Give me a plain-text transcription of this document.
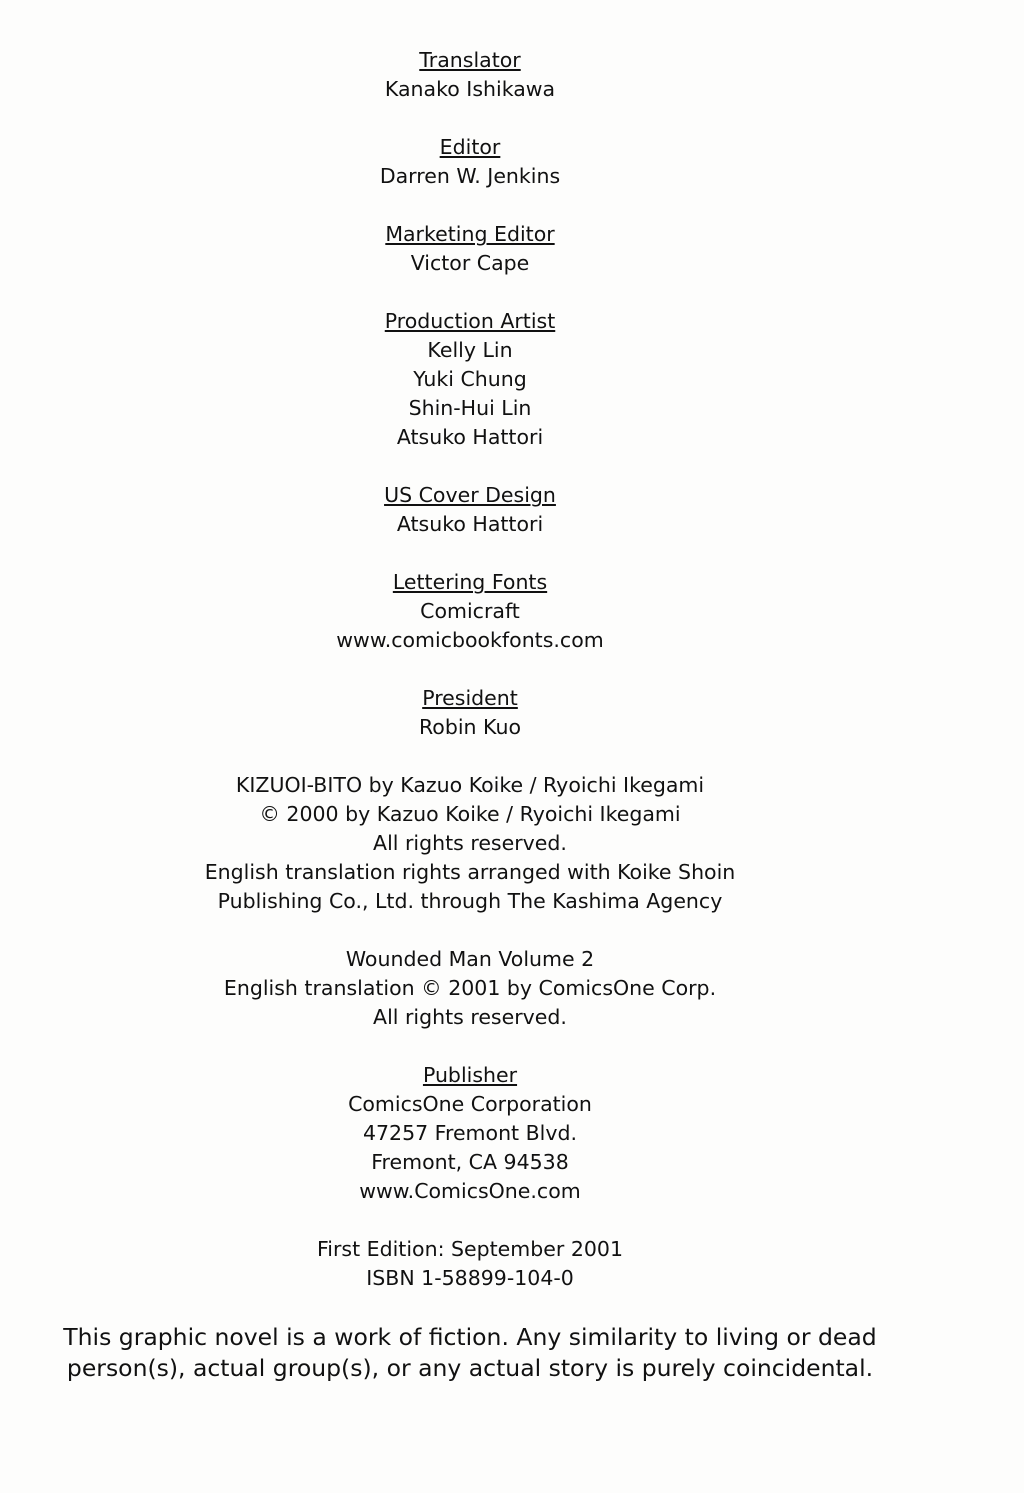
Translator
Kanako Ishikawa
Editor
Darren W. Jenkins
Marketing Editor
Victor Cape
Production Artist
Kelly Lin
Yuki Chung
Shin-Hui Lin
Atsuko Hattori
US Cover Design
Atsuko Hattori
Lettering Fonts
Comicraft
www.comicbookfonts.com
President
Robin Kuo
KIZUOI-BITO by Kazuo Koike / Ryoichi Ikegami
© 2000 by Kazuo Koike / Ryoichi Ikegami
All rights reserved.
English translation rights arranged with Koike Shoin
Publishing Co., Ltd. through The Kashima Agency
Wounded Man Volume 2
English translation © 2001 by ComicsOne Corp.
All rights reserved.
Publisher
ComicsOne Corporation
47257 Fremont Blvd.
Fremont, CA 94538
www.ComicsOne.com
First Edition: September 2001
ISBN 1-58899-104-0
This graphic novel is a work of fiction. Any similarity to living or dead
person(s), actual group(s), or any actual story is purely coincidental.
